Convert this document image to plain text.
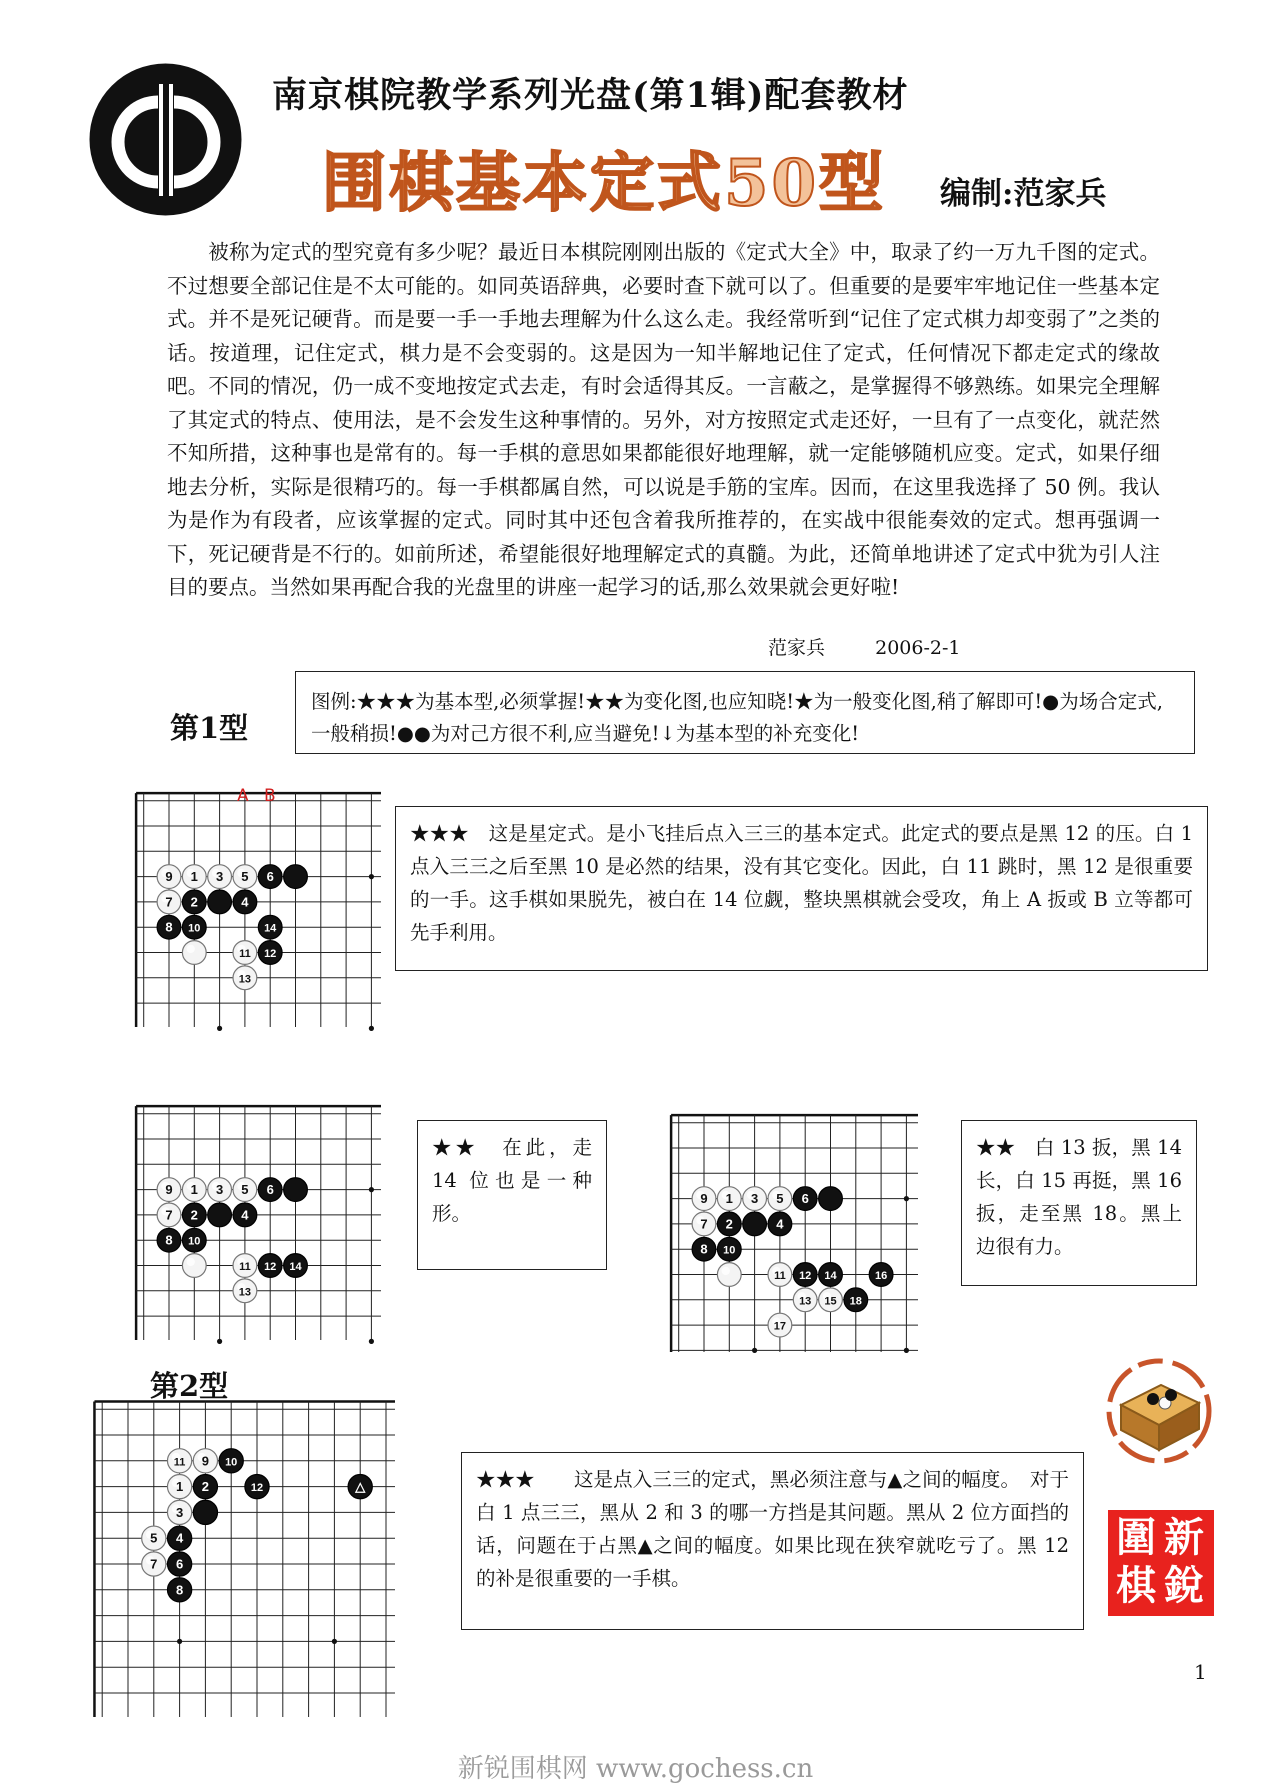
南京棋院教学系列光盘(第1辑)配套教材
围棋基本定式50型 编制:范家兵

被称为定式的型究竟有多少呢？最近日本棋院刚刚出版的《定式大全》中，取录了约一万九千图的定式。不过想要全部记住是不太可能的。如同英语辞典，必要时查下就可以了。但重要的是要牢牢地记住一些基本定式。并不是死记硬背。而是要一手一手地去理解为什么这么走。我经常听到“记住了定式棋力却变弱了”之类的话。按道理，记住定式，棋力是不会变弱的。这是因为一知半解地记住了定式，任何情况下都走定式的缘故吧。不同的情况，仍一成不变地按定式去走，有时会适得其反。一言蔽之，是掌握得不够熟练。如果完全理解了其定式的特点、使用法，是不会发生这种事情的。另外，对方按照定式走还好，一旦有了一点变化，就茫然不知所措，这种事也是常有的。每一手棋的意思如果都能很好地理解，就一定能够随机应变。定式，如果仔细地去分析，实际是很精巧的。每一手棋都属自然，可以说是手筋的宝库。因而，在这里我选择了 50 例。我认为是作为有段者，应该掌握的定式。同时其中还包含着我所推荐的，在实战中很能奏效的定式。想再强调一下，死记硬背是不行的。如前所述，希望能很好地理解定式的真髓。为此，还简单地讲述了定式中犹为引人注目的要点。当然如果再配合我的光盘里的讲座一起学习的话,那么效果就会更好啦!

范家兵	2006-2-1
第1型
图例:★★★为基本型,必须掌握!★★为变化图,也应知晓!★为一般变化图,稍了解即可!●为场合定式,一般稍损!●●为对己方很不利,应当避免!↓为基本型的补充变化!
9 1 3 5 6
7 2	4
8 10	14
11 12
13
A B
★★★　这是星定式。是小飞挂后点入三三的基本定式。此定式的要点是黑 12 的压。白 1 点入三三之后至黑 10 是必然的结果，没有其它变化。因此，白 11 跳时，黑 12 是很重要的一手。这手棋如果脱先，被白在 14 位觑，整块黑棋就会受攻，角上 A 扳或 B 立等都可先手利用。
9 1 3 5 6
7 2	4
8 10
11 12 14
13
★★　在此，走 14 位也是一种形。
9 1 3 5 6
7 2	4
8 10
11 12 14	16
13 15 18
17
★★　白 13 扳，黑 14 长，白 15 再挺，黑 16 扳，走至黑 18。黑上边很有力。
第2型
11 9 10
1 2	12	△
3
5 4
7 6
8
★★★　　这是点入三三的定式，黑必须注意与▲之间的幅度。　对于白 1 点三三，黑从 2 和 3 的哪一方挡是其问题。黑从 2 位方面挡的话，问题在于占黑▲之间的幅度。如果比现在狭窄就吃亏了。黑 12 的补是很重要的一手棋。
新
圍
銳
棋
1
新锐围棋网 www.gochess.cn
